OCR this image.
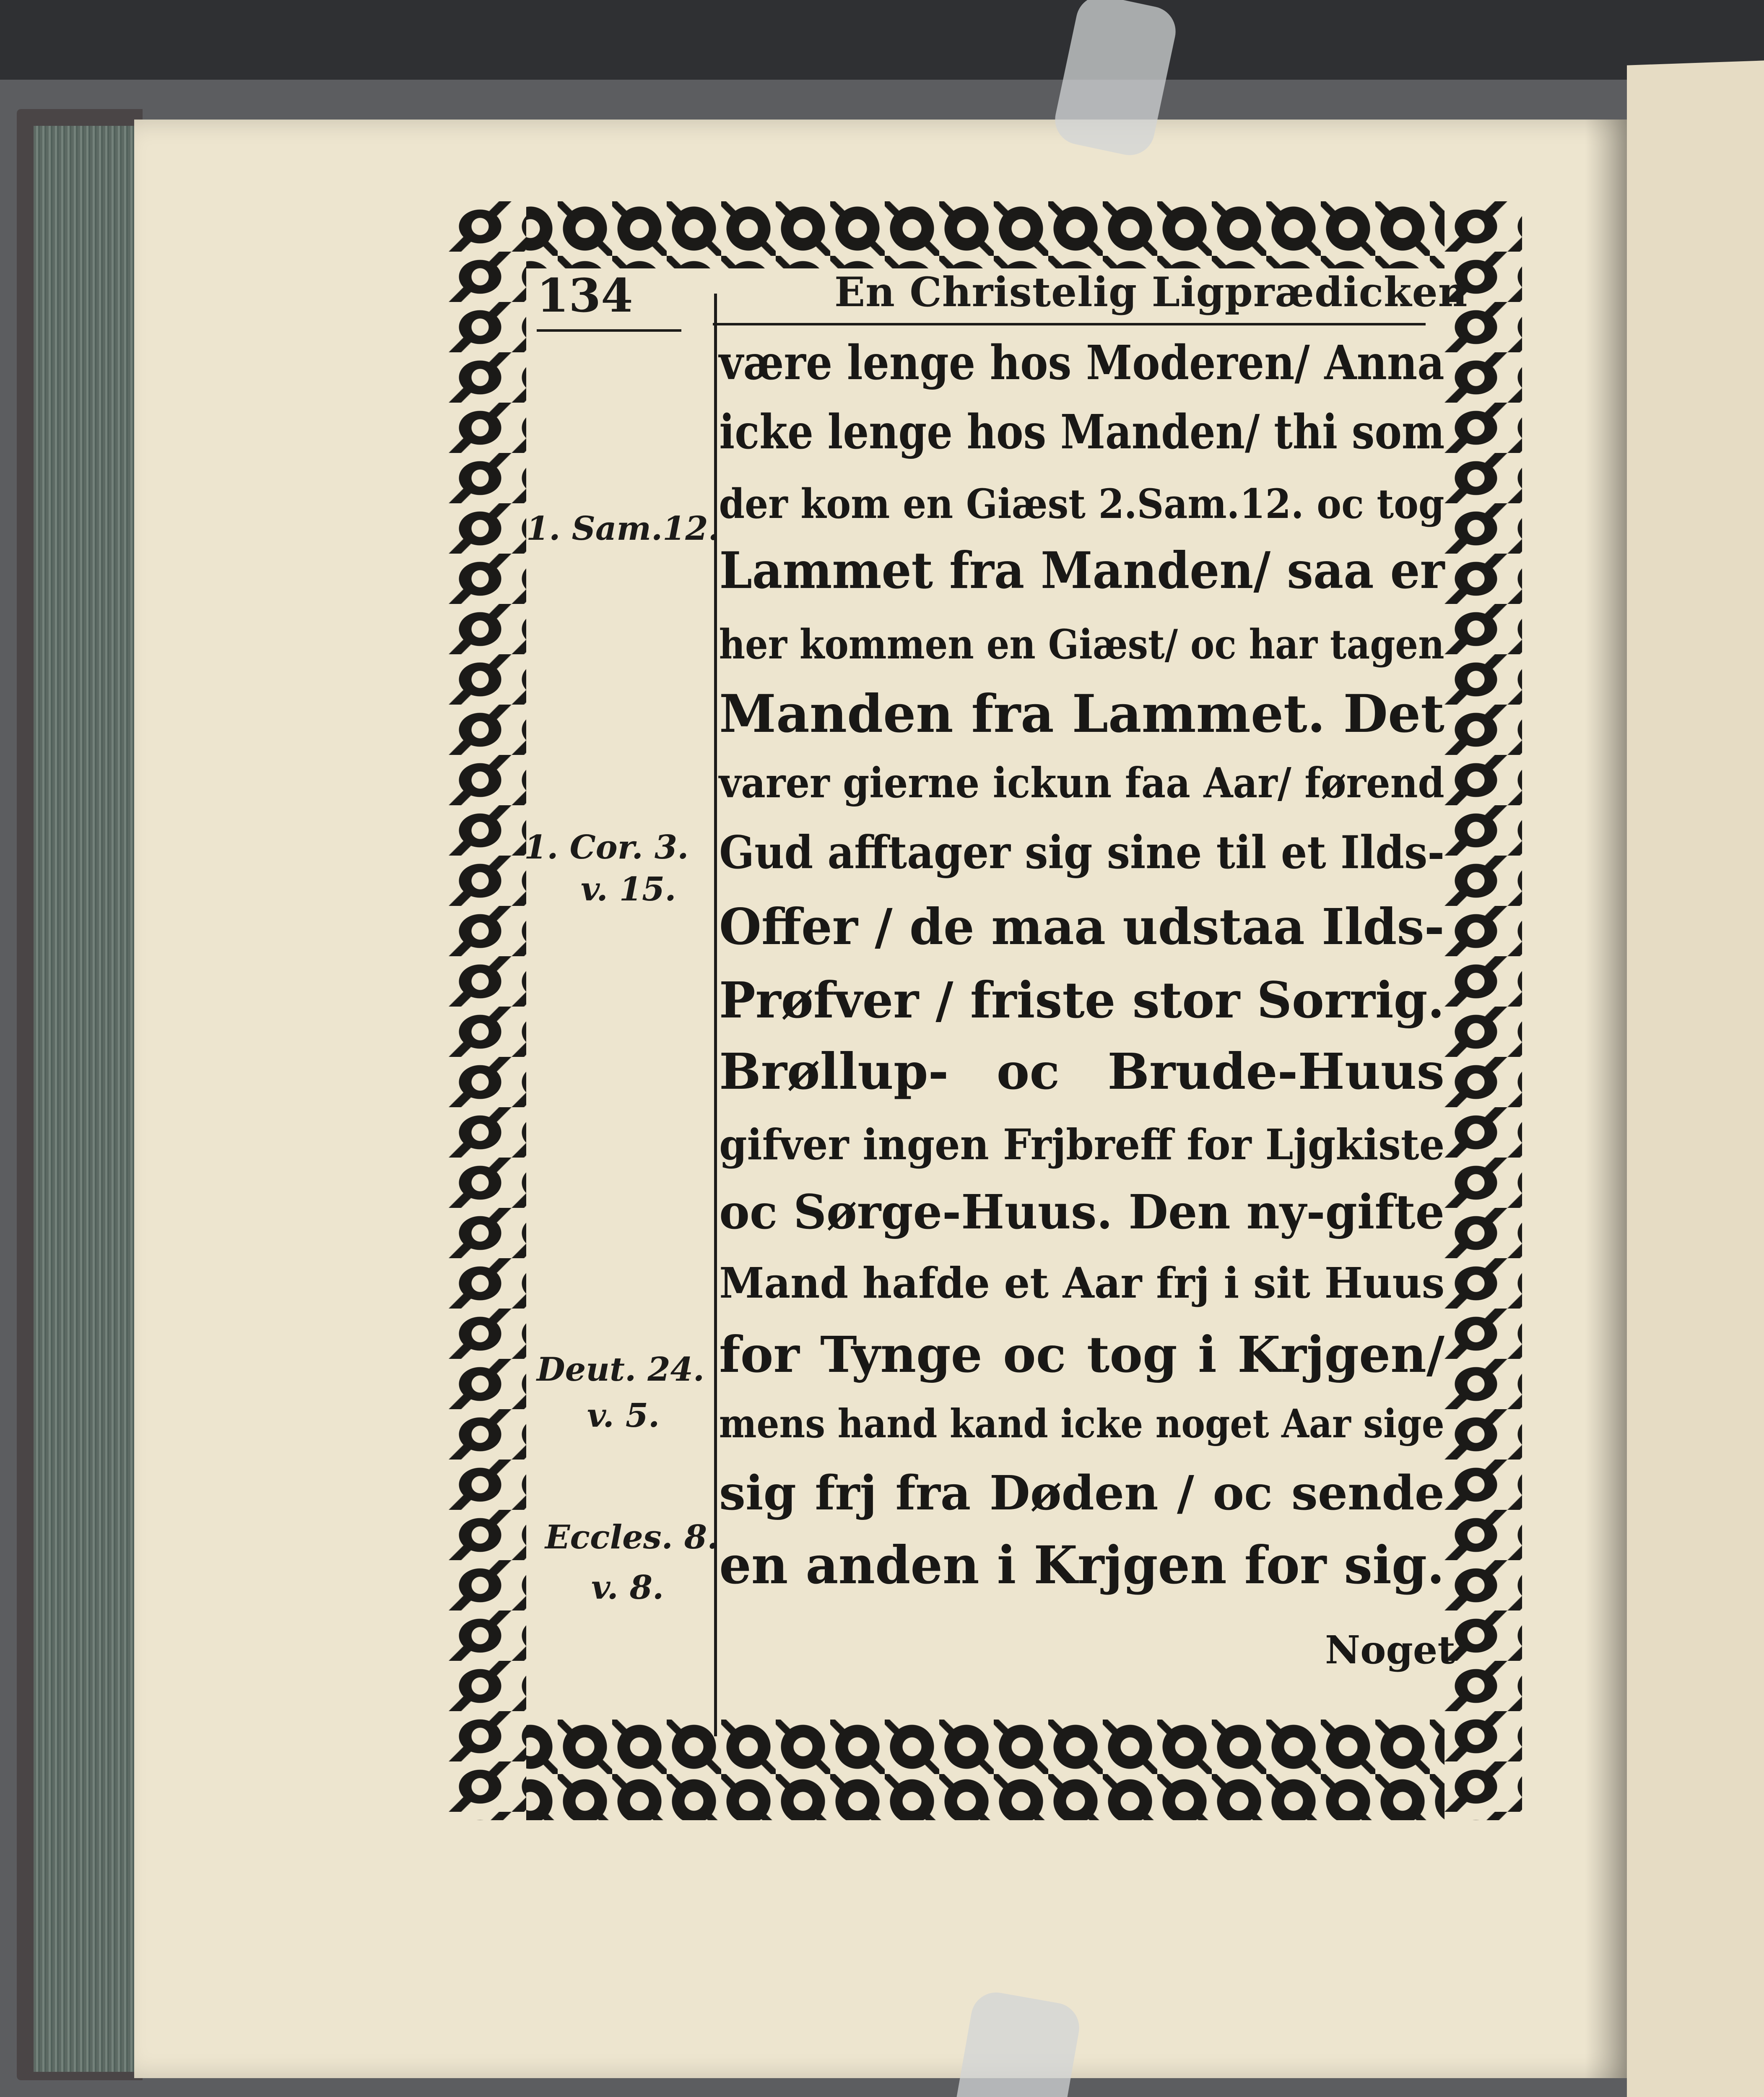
134	En Christelig Ligprædicken
være lenge hos Moderen/ Anna
icke lenge hos Manden/ thi som
der kom en Giæst 2.Sam.12. oc tog
Lammet fra Manden/ saa er
her kommen en Giæst/ oc har tagen
Manden fra Lammet. Det
varer gierne ickun faa Aar/ førend
Gud afftager sig sine til et Ilds-
Offer / de maa udstaa Ilds-
Prøfver / friste stor Sorrig.
Brøllup- oc Brude-Huus
gifver ingen Frjbreff for Ljgkiste
oc Sørge-Huus. Den ny-gifte
Mand hafde et Aar frj i sit Huus
for Tynge oc tog i Krjgen/
mens hand kand icke noget Aar sige
sig frj fra Døden / oc sende
en anden i Krjgen for sig.
Noget
1. Sam.12.
1. Cor. 3.
v. 15.
Deut. 24.
v. 5.
Eccles. 8.
v. 8.
